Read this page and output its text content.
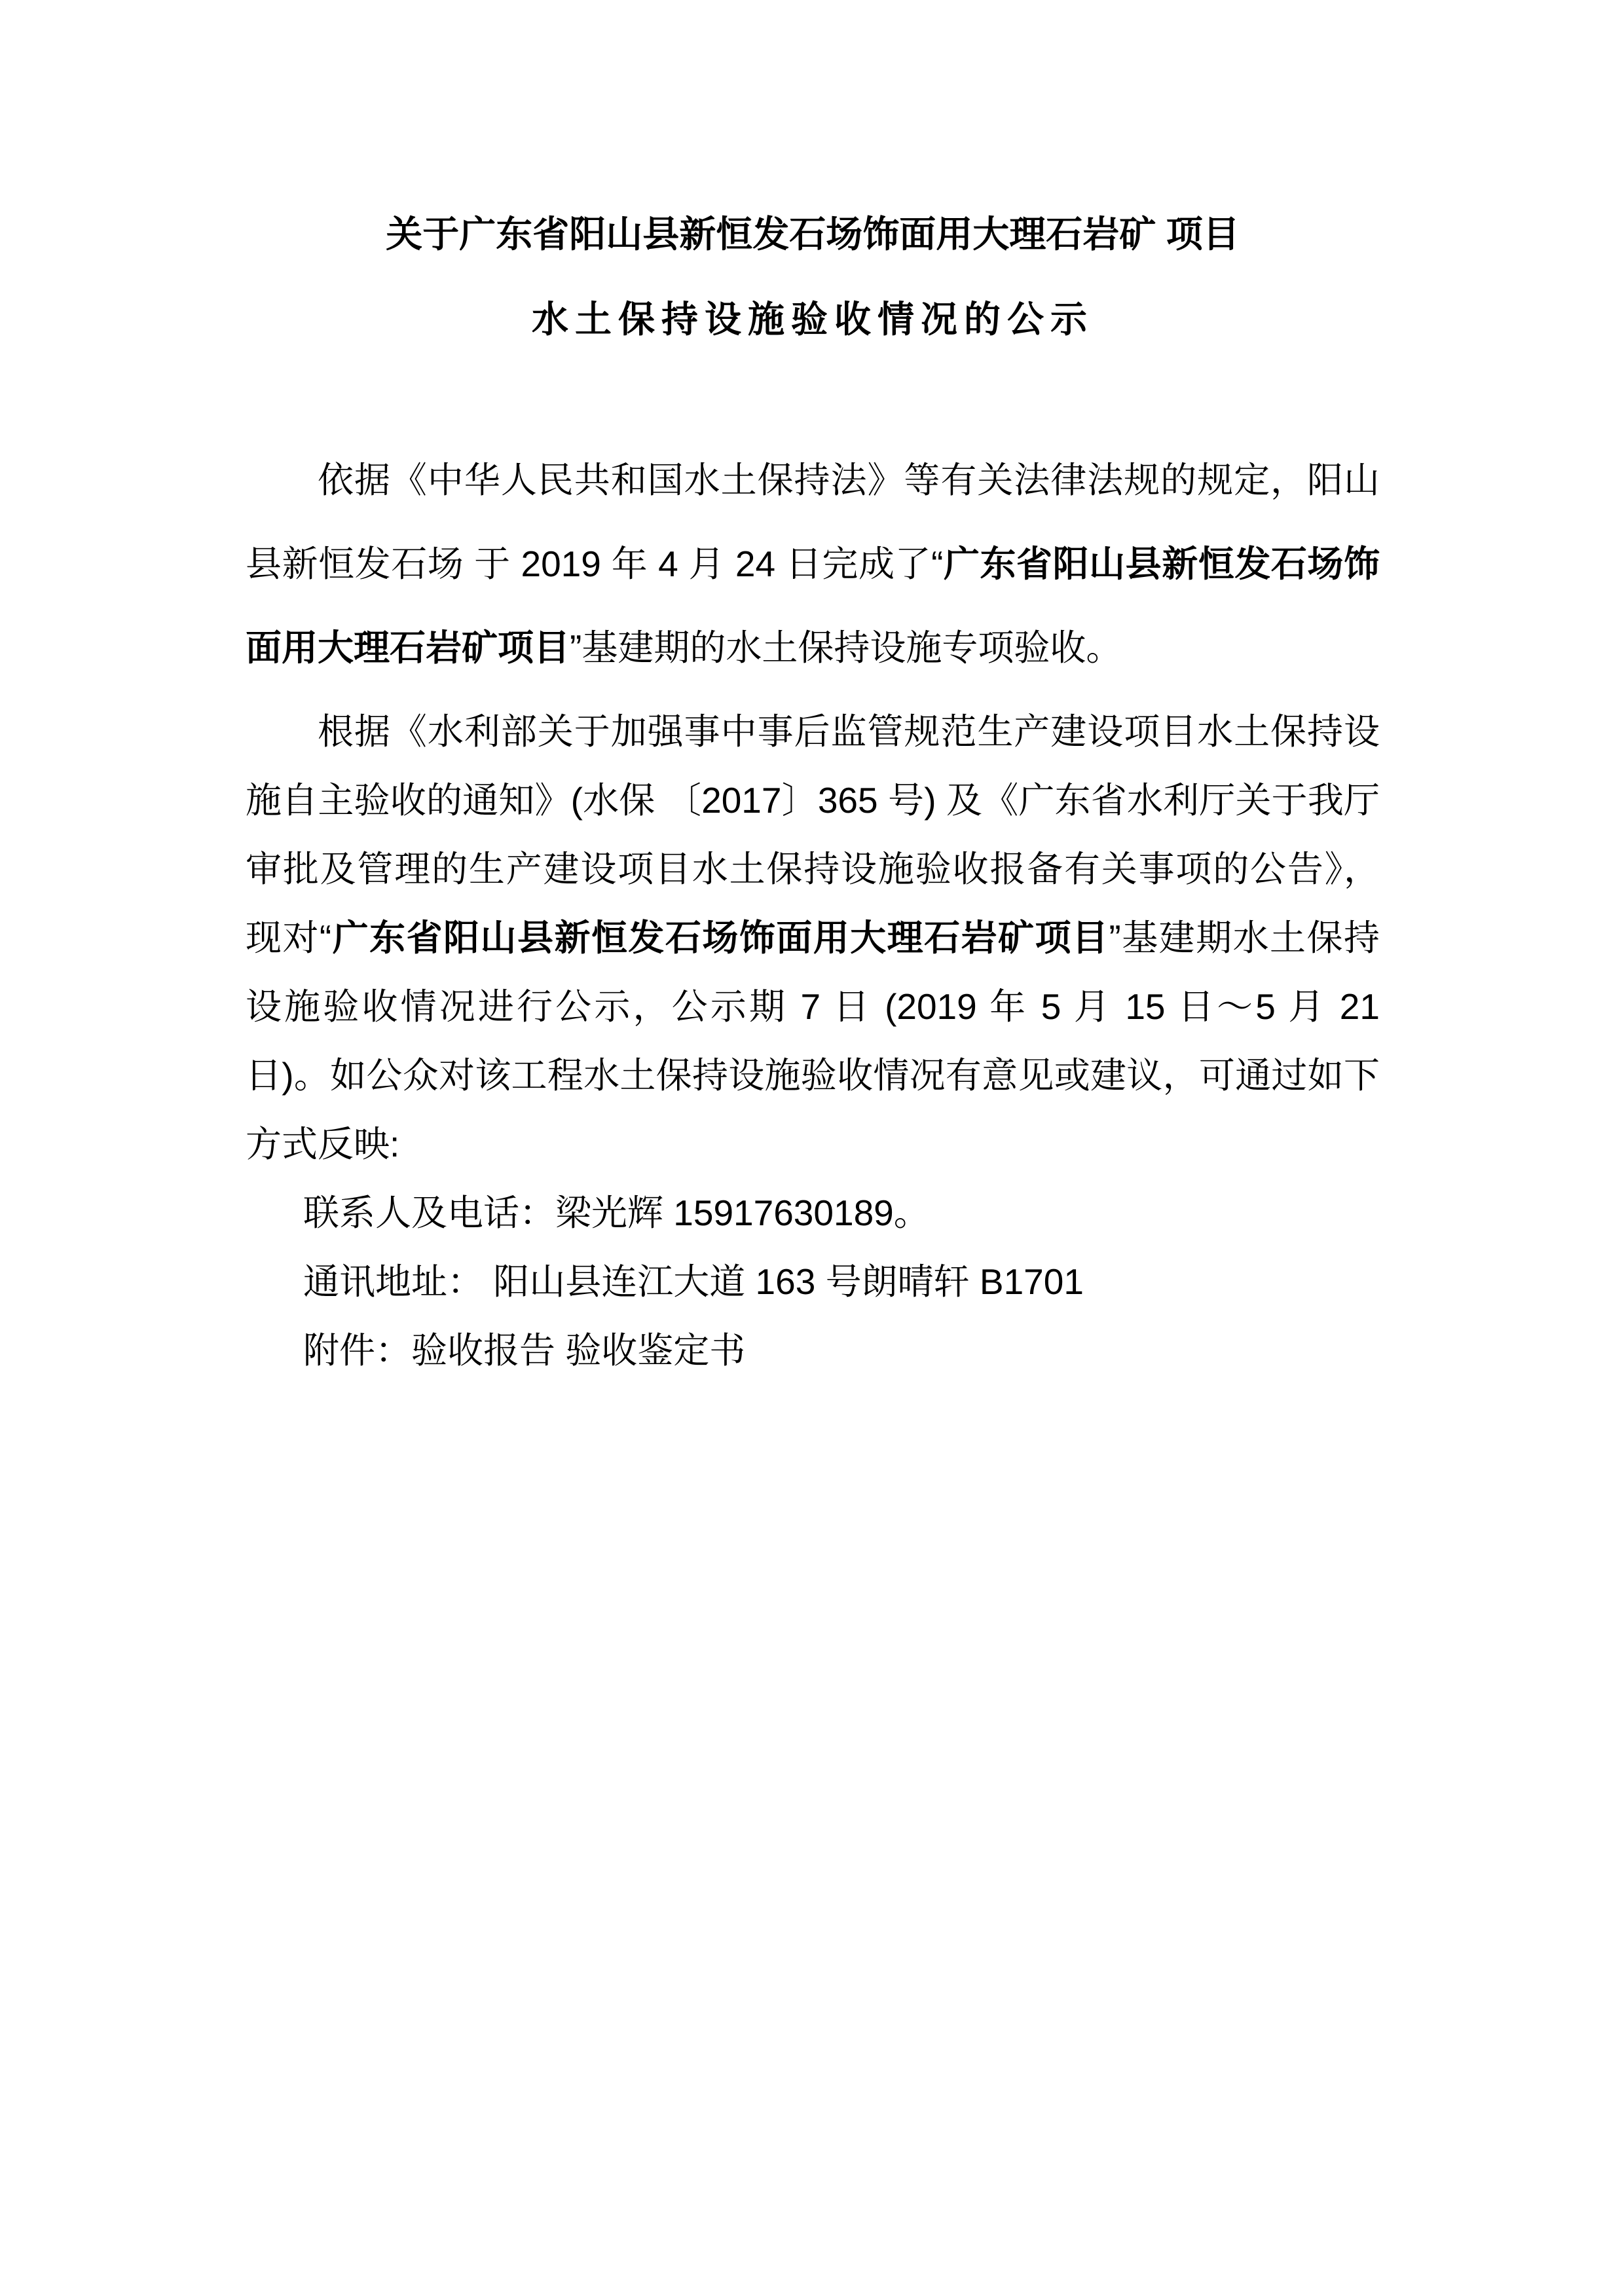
关于广东省阳山县新恒发石场饰面用大理石岩矿 项目
水土保持设施验收情况的公示

依据《中华人民共和国水土保持法》等有关法律法规的规定，阳山县新恒发石场 于 2019 年 4 月 24 日完成了“广东省阳山县新恒发石场饰面用大理石岩矿项目”基建期的水土保持设施专项验收。

根据《水利部关于加强事中事后监管规范生产建设项目水土保持设施自主验收的通知》(水保 〔2017〕365 号) 及《广东省水利厅关于我厅审批及管理的生产建设项目水土保持设施验收报备有关事项的公告》，现对“广东省阳山县新恒发石场饰面用大理石岩矿项目”基建期水土保持设施验收情况进行公示，公示期 7 日 (2019 年 5 月 15 日～5 月 21 日)。如公众对该工程水土保持设施验收情况有意见或建议，可通过如下方式反映:

联系人及电话：梁光辉 15917630189。

通讯地址： 阳山县连江大道 163 号朗晴轩 B1701

附件：验收报告 验收鉴定书
